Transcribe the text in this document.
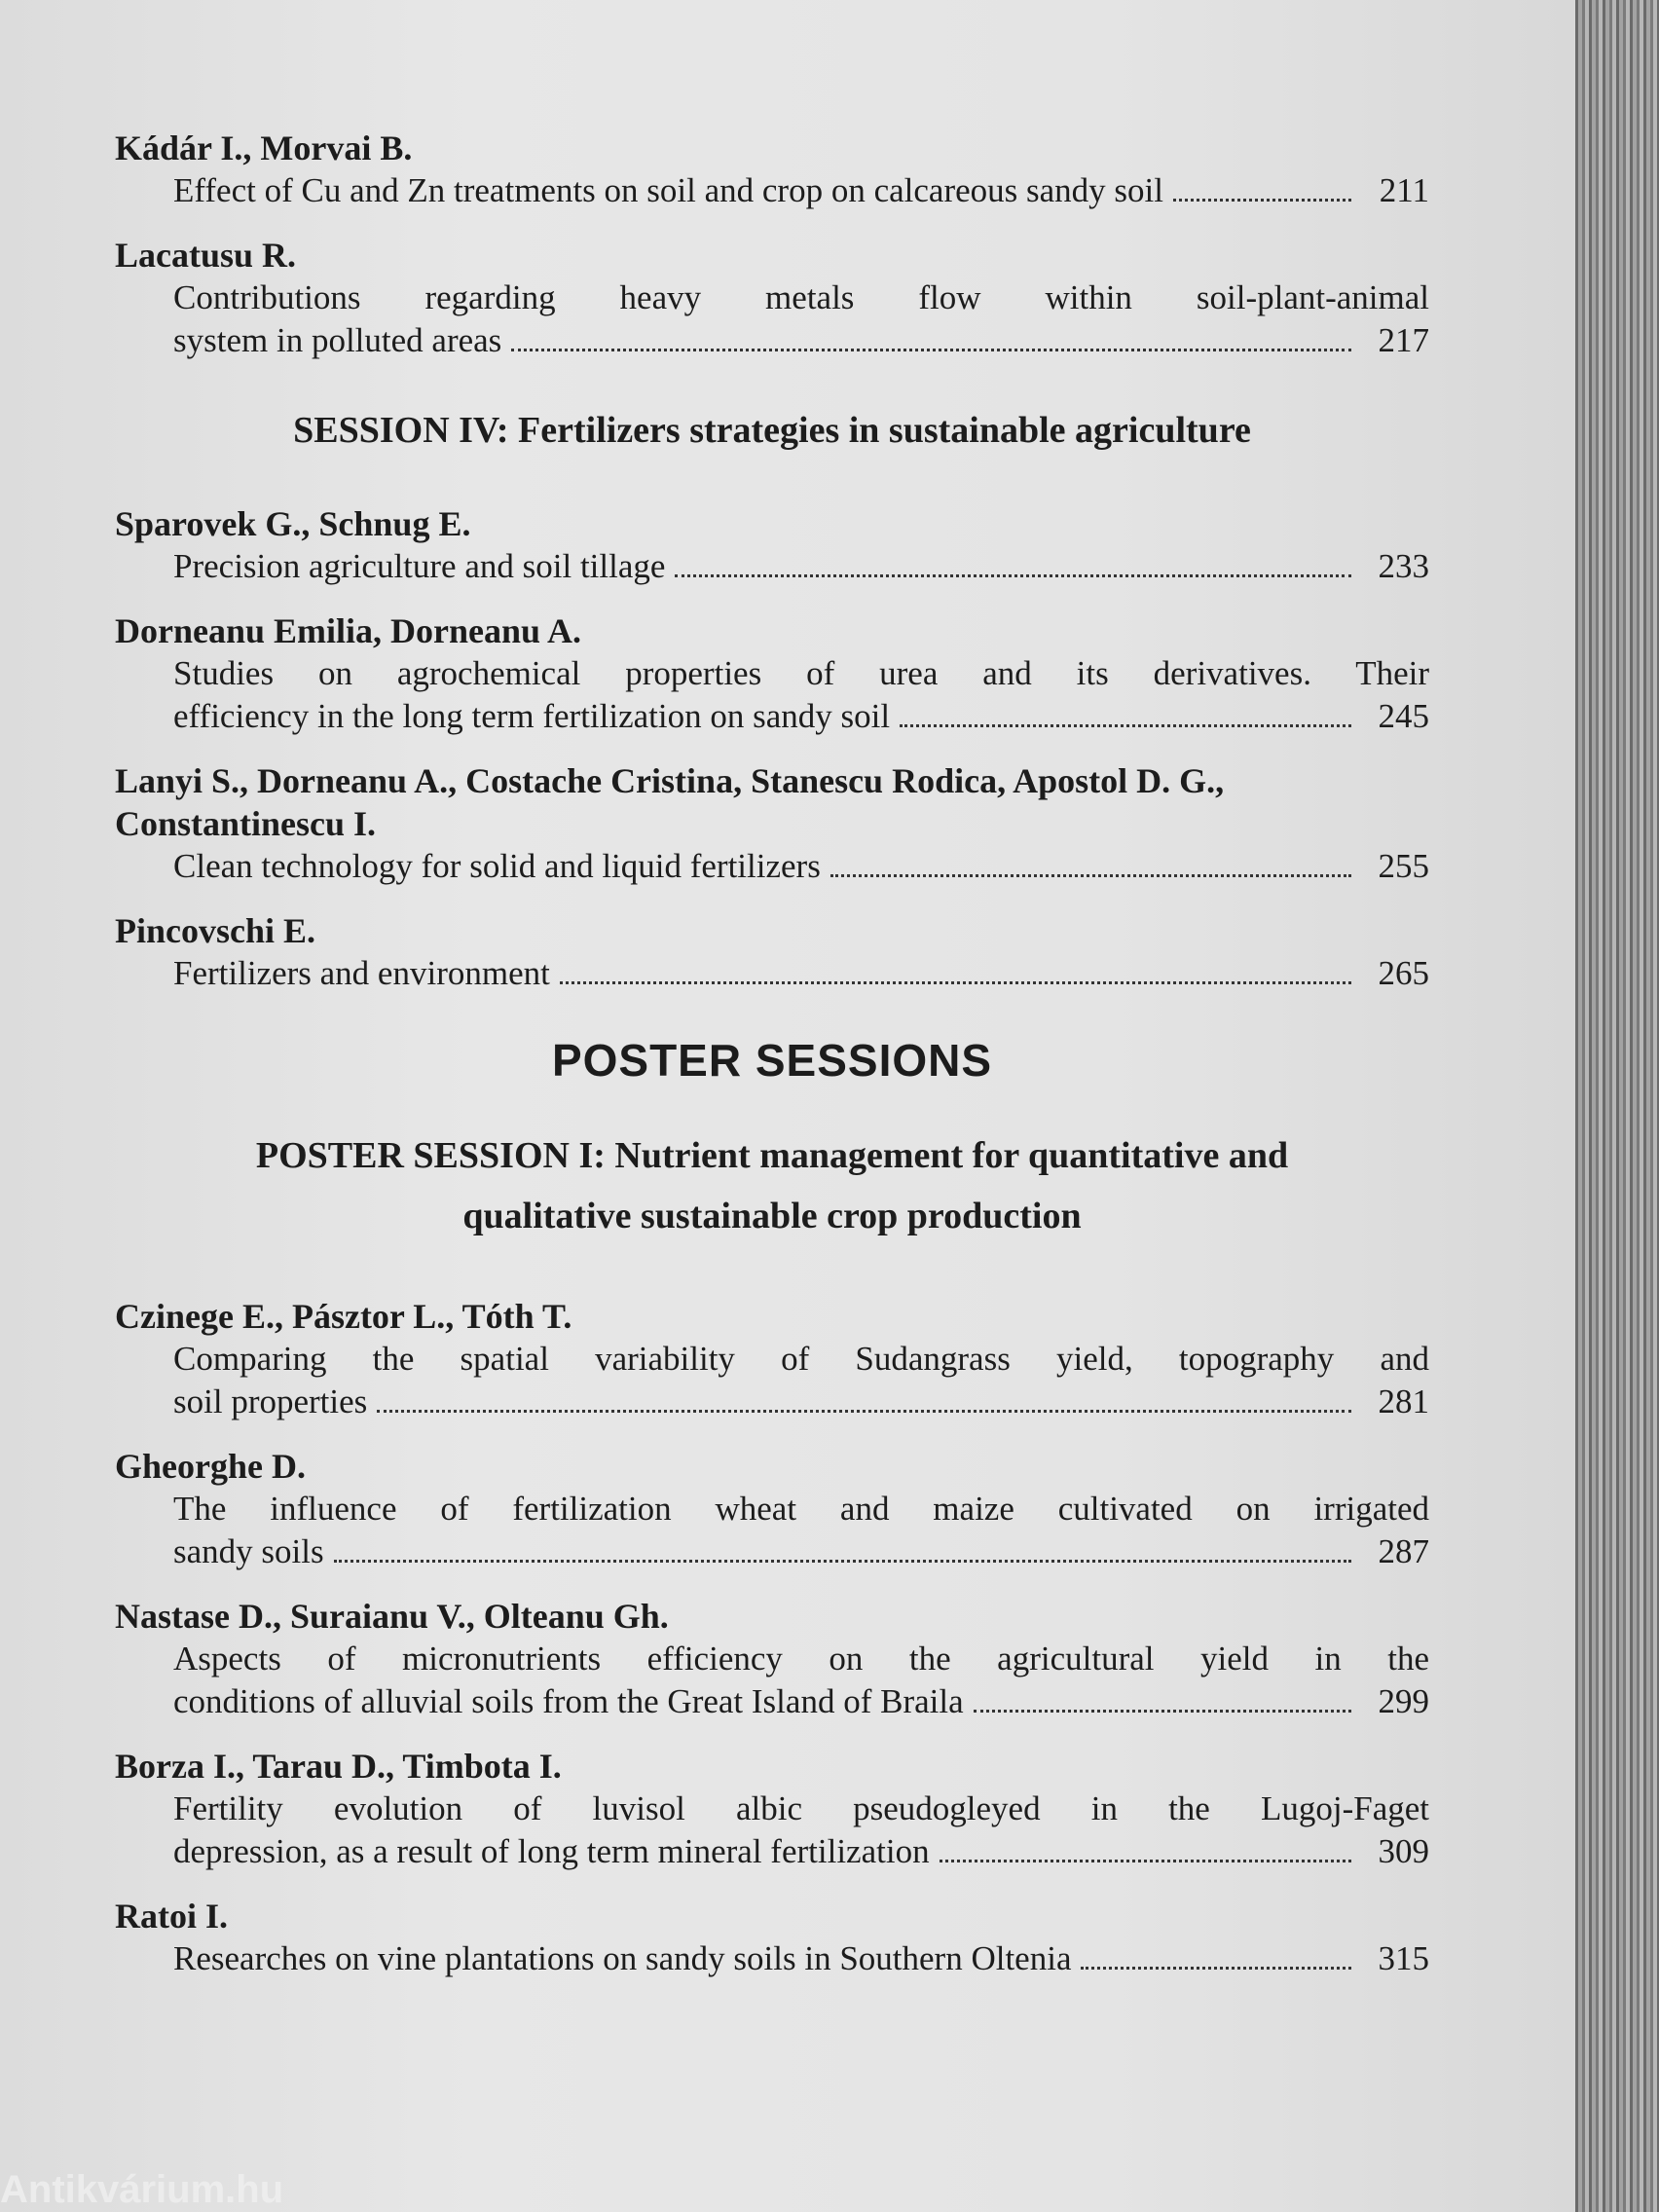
Kádár I., Morvai B.
Effect of Cu and Zn treatments on soil and crop on calcareous sandy soil	211
Lacatusu R.
Contributions regarding heavy metals flow within soil-plant-animal
system in polluted areas	217
SESSION IV: Fertilizers strategies in sustainable agriculture
Sparovek G., Schnug E.
Precision agriculture and soil tillage	233
Dorneanu Emilia, Dorneanu A.
Studies on agrochemical properties of urea and its derivatives. Their
efficiency in the long term fertilization on sandy soil	245
Lanyi S., Dorneanu A., Costache Cristina, Stanescu Rodica, Apostol D. G., Constantinescu I.
Clean technology for solid and liquid fertilizers	255
Pincovschi E.
Fertilizers and environment	265
POSTER SESSIONS
POSTER SESSION I: Nutrient management for quantitative and
qualitative sustainable crop production
Czinege E., Pásztor L., Tóth T.
Comparing the spatial variability of Sudangrass yield, topography and
soil properties	281
Gheorghe D.
The influence of fertilization wheat and maize cultivated on irrigated
sandy soils	287
Nastase D., Suraianu V., Olteanu Gh.
Aspects of micronutrients efficiency on the agricultural yield in the
conditions of alluvial soils from the Great Island of Braila	299
Borza I., Tarau D., Timbota I.
Fertility evolution of luvisol albic pseudogleyed in the Lugoj-Faget
depression, as a result of long term mineral fertilization	309
Ratoi I.
Researches on vine plantations on sandy soils in Southern Oltenia	315
Antikvárium.hu
